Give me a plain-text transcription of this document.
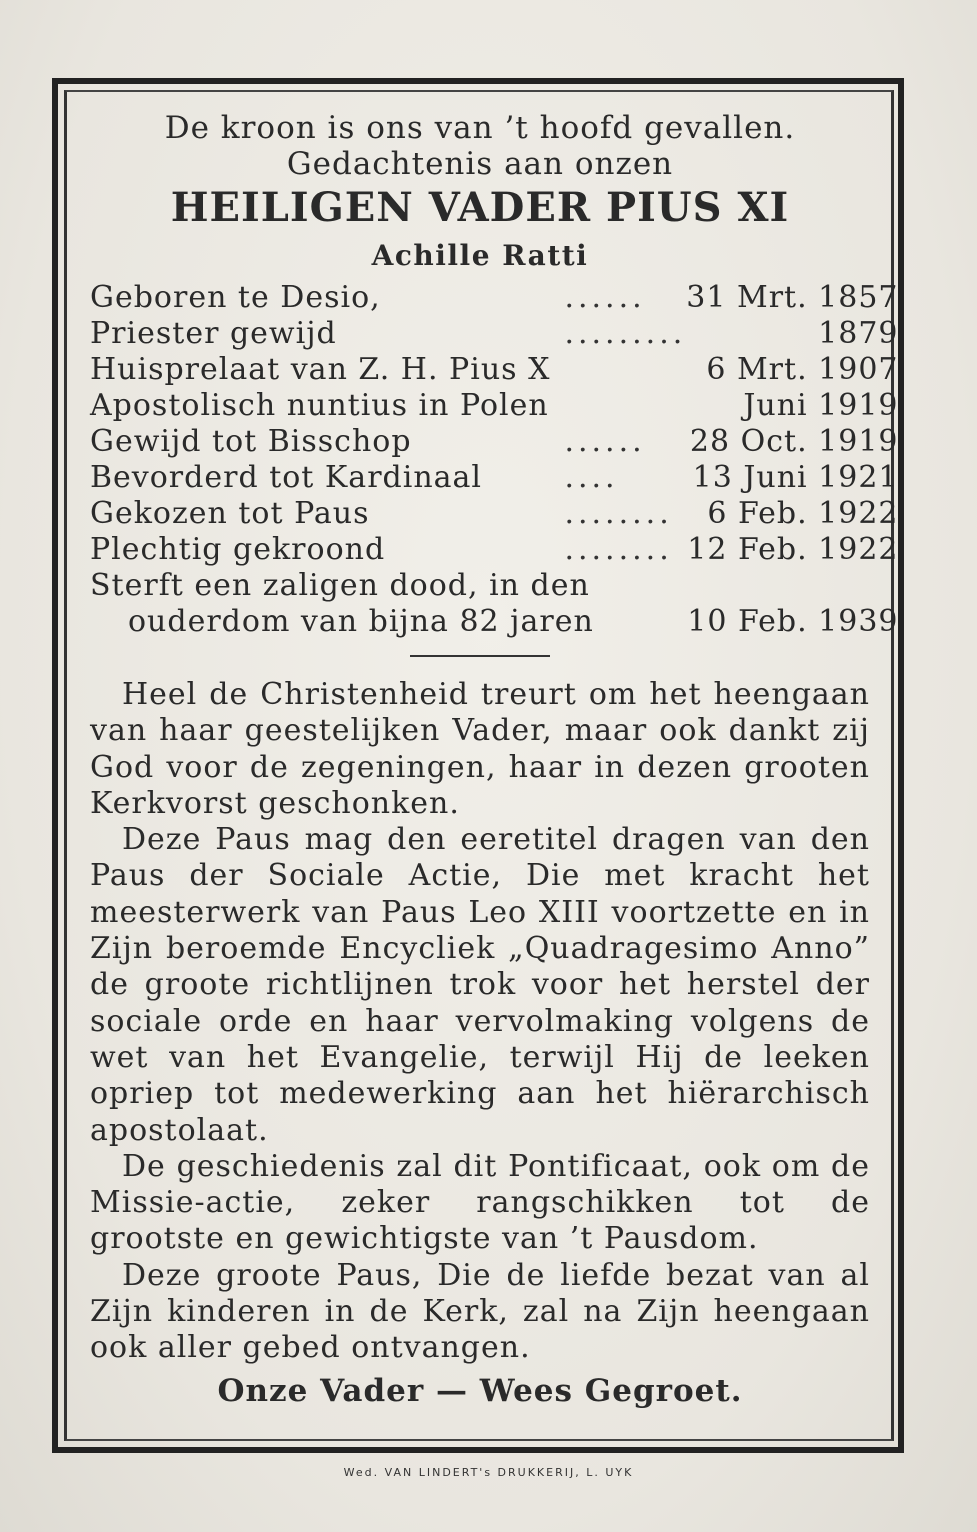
De kroon is ons van ’t hoofd gevallen.
Gedachtenis aan onzen
HEILIGEN VADER PIUS XI
Achille Ratti
Geboren te Desio,	......	31 Mrt. 1857
Priester gewijd	.........	1879
Huisprelaat van Z. H. Pius X		6 Mrt. 1907
Apostolisch nuntius in Polen		Juni 1919
Gewijd tot Bisschop	......	28 Oct. 1919
Bevorderd tot Kardinaal	....	13 Juni 1921
Gekozen tot Paus	........	6 Feb. 1922
Plechtig gekroond	........	12 Feb. 1922
Sterft een zaligen dood, in den		
ouderdom van bijna 82 jaren		10 Feb. 1939

Heel de Christenheid treurt om het heengaan van haar geestelijken Vader, maar ook dankt zij God voor de zegeningen, haar in dezen grooten Kerkvorst geschonken.

Deze Paus mag den eeretitel dragen van den Paus der Sociale Actie, Die met kracht het meesterwerk van Paus Leo XIII voortzette en in Zijn beroemde Encycliek „Quadragesimo Anno” de groote richtlijnen trok voor het herstel der sociale orde en haar vervolmaking volgens de wet van het Evangelie, terwijl Hij de leeken opriep tot medewerking aan het hiërarchisch apostolaat.

De geschiedenis zal dit Pontificaat, ook om de Missie-actie, zeker rangschikken tot de grootste en gewichtigste van ’t Pausdom.

Deze groote Paus, Die de liefde bezat van al Zijn kinderen in de Kerk, zal na Zijn heengaan ook aller gebed ontvangen.

Onze Vader — Wees Gegroet.
Wed. VAN LINDERT's DRUKKERIJ, L. UYK
